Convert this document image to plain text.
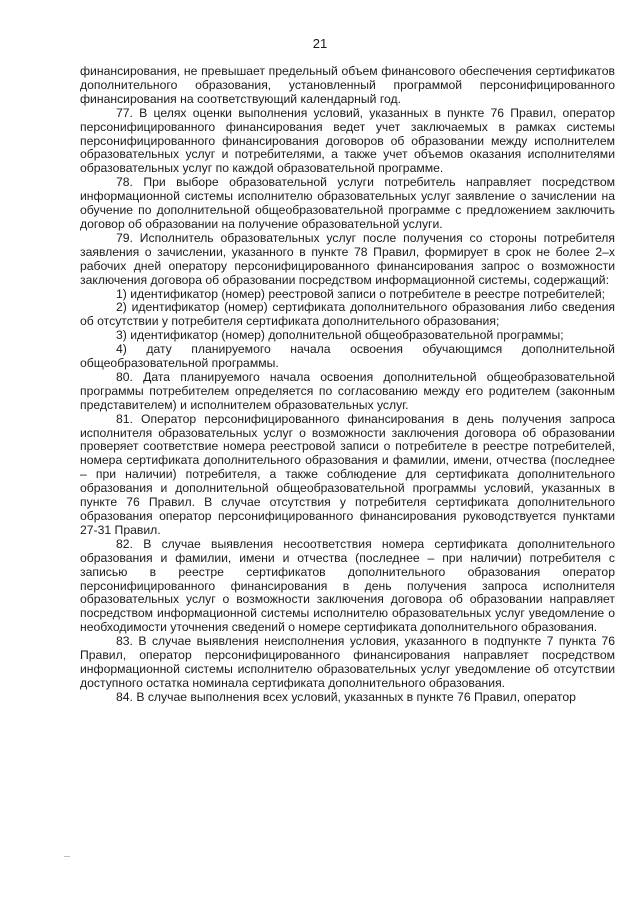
21

финансирования, не превышает предельный объем финансового обеспечения сертификатов дополнительного образования, установленный программой персонифицированного финансирования на соответствующий календарный год.

77. В целях оценки выполнения условий, указанных в пункте 76 Правил, оператор персонифицированного финансирования ведет учет заключаемых в рамках системы персонифицированного финансирования договоров об образовании между исполнителем образовательных услуг и потребителями, а также учет объемов оказания исполнителями образовательных услуг по каждой образовательной программе.

78. При выборе образовательной услуги потребитель направляет посредством информационной системы исполнителю образовательных услуг заявление о зачислении на обучение по дополнительной общеобразовательной программе с предложением заключить договор об образовании на получение образовательной услуги.

79. Исполнитель образовательных услуг после получения со стороны потребителя заявления о зачислении, указанного в пункте 78 Правил, формирует в срок не более 2–х рабочих дней оператору персонифицированного финансирования запрос о возможности заключения договора об образовании посредством информационной системы, содержащий:

1) идентификатор (номер) реестровой записи о потребителе в реестре потребителей;

2) идентификатор (номер) сертификата дополнительного образования либо сведения об отсутствии у потребителя сертификата дополнительного образования;

3) идентификатор (номер) дополнительной общеобразовательной программы;

4) дату планируемого начала освоения обучающимся дополнительной общеобразовательной программы.

80. Дата планируемого начала освоения дополнительной общеобразовательной программы потребителем определяется по согласованию между его родителем (законным представителем) и исполнителем образовательных услуг.

81. Оператор персонифицированного финансирования в день получения запроса исполнителя образовательных услуг о возможности заключения договора об образовании проверяет соответствие номера реестровой записи о потребителе в реестре потребителей, номера сертификата дополнительного образования и фамилии, имени, отчества (последнее – при наличии) потребителя, а также соблюдение для сертификата дополнительного образования и дополнительной общеобразовательной программы условий, указанных в пункте 76 Правил. В случае отсутствия у потребителя сертификата дополнительного образования оператор персонифицированного финансирования руководствуется пунктами 27-31 Правил.

82. В случае выявления несоответствия номера сертификата дополнительного образования и фамилии, имени и отчества (последнее – при наличии) потребителя с записью в реестре сертификатов дополнительного образования оператор персонифицированного финансирования в день получения запроса исполнителя образовательных услуг о возможности заключения договора об образовании направляет посредством информационной системы исполнителю образовательных услуг уведомление о необходимости уточнения сведений о номере сертификата дополнительного образования.

83. В случае выявления неисполнения условия, указанного в подпункте 7 пункта 76 Правил, оператор персонифицированного финансирования направляет посредством информационной системы исполнителю образовательных услуг уведомление об отсутствии доступного остатка номинала сертификата дополнительного образования.

84. В случае выполнения всех условий, указанных в пункте 76 Правил, оператор
